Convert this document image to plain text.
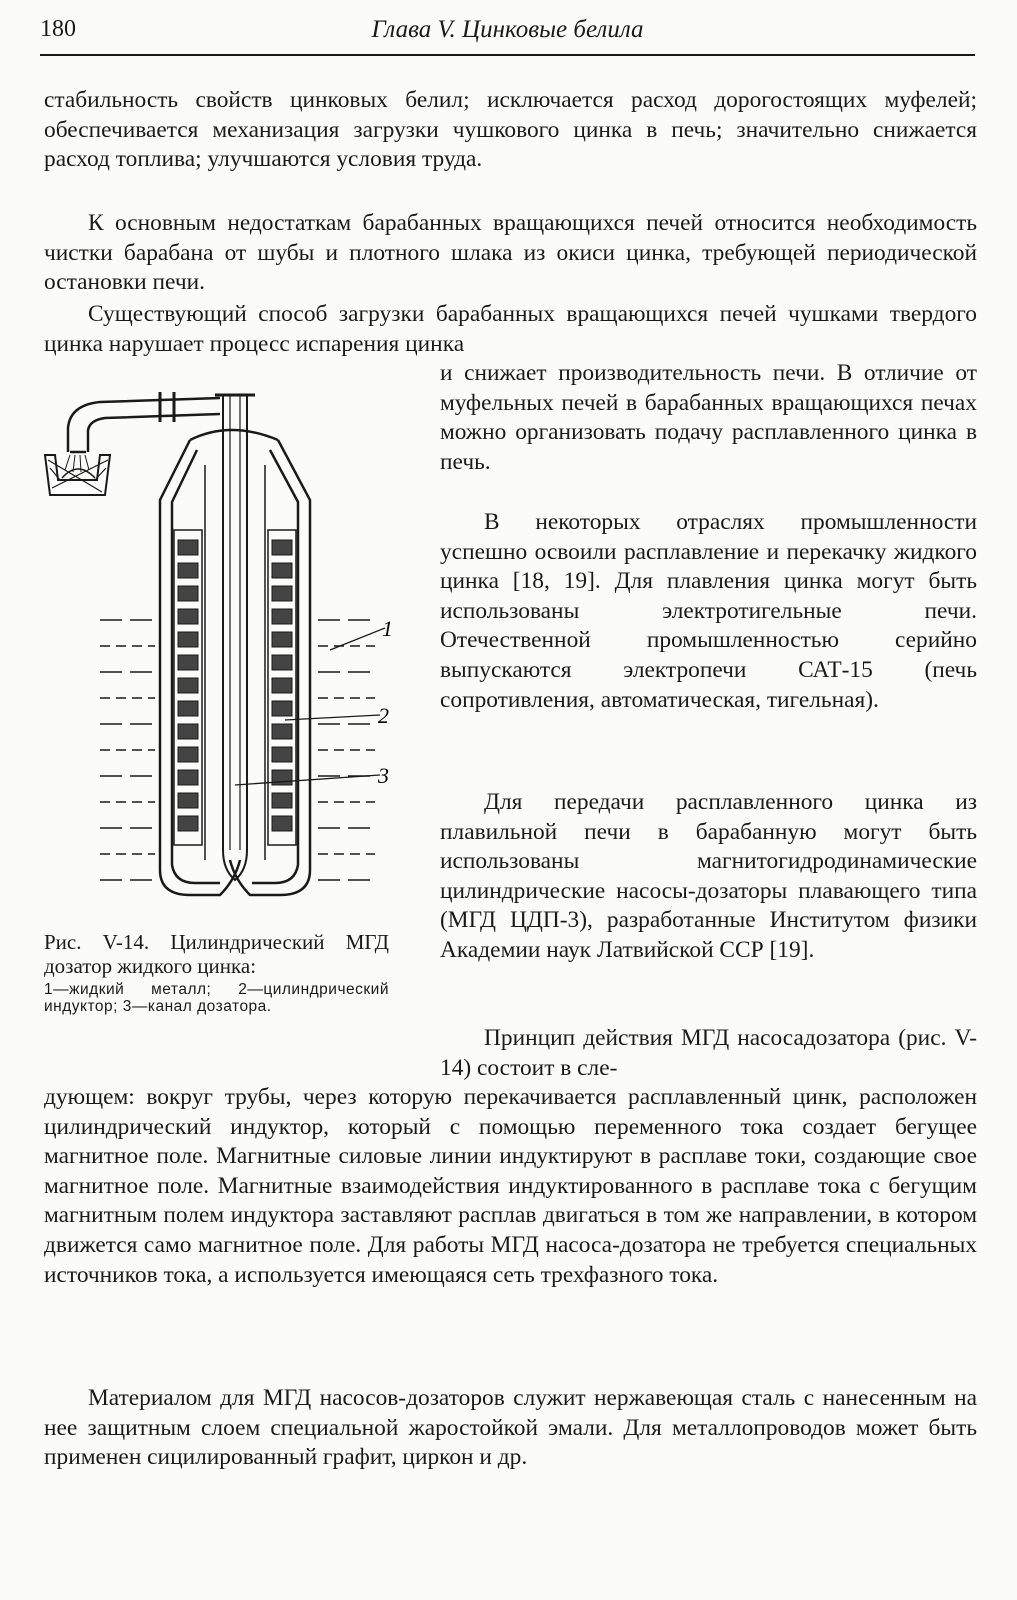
180	Глава V. Цинковые белила

стабильность свойств цинковых белил; исключается расход дорогостоящих муфелей; обеспечивается механизация загрузки чушкового цинка в печь; значительно снижается расход топлива; улучшаются условия труда.

К основным недостаткам барабанных вращающихся печей относится необходимость чистки барабана от шубы и плотного шлака из окиси цинка, требующей периодической остановки печи.

Существующий способ загрузки барабанных вращающихся печей чушками твердого цинка нарушает процесс испарения цинка

и снижает производительность печи. В отличие от муфельных печей в барабанных вращающихся печах можно организовать подачу расплавленного цинка в печь.

В некоторых отраслях промышленности успешно освоили расплавление и перекачку жидкого цинка [18, 19]. Для плавления цинка могут быть использованы электротигельные печи. Отечественной промышленностью серийно выпускаются электропечи САТ-15 (печь сопротивления, автоматическая, тигельная).

Для передачи расплавленного цинка из плавильной печи в барабанную могут быть использованы магнитогидродинамические цилиндрические насосы-дозаторы плавающего типа (МГД ЦДП-3), разработанные Институтом физики Академии наук Латвийской ССР [19].

Принцип действия МГД насосадозатора (рис. V-14) состоит в сле-

дующем: вокруг трубы, через которую перекачивается расплавленный цинк, расположен цилиндрический индуктор, который с помощью переменного тока создает бегущее магнитное поле. Магнитные силовые линии индуктируют в расплаве токи, создающие свое магнитное поле. Магнитные взаимодействия индуктированного в расплаве тока с бегущим магнитным полем индуктора заставляют расплав двигаться в том же направлении, в котором движется само магнитное поле. Для работы МГД насоса-дозатора не требуется специальных источников тока, а используется имеющаяся сеть трехфазного тока.

Материалом для МГД насосов-дозаторов служит нержавеющая сталь с нанесенным на нее защитным слоем специальной жаростойкой эмали. Для металлопроводов может быть применен сицилированный графит, циркон и др.

1
2
3

Рис. V-14. Цилиндрический МГД дозатор жидкого цинка:

1—жидкий металл; 2—цилиндрический индуктор; 3—канал дозатора.
